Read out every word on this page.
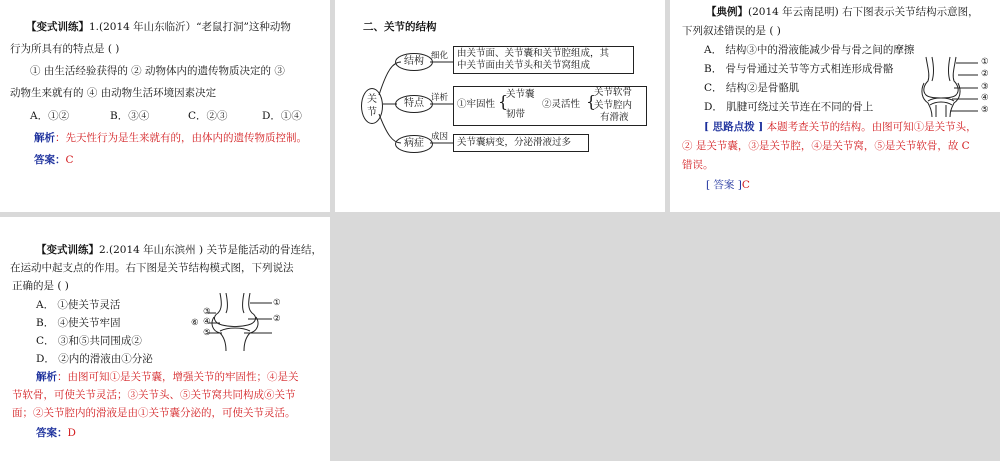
【变式训练】1.(2014 年山东临沂）“老鼠打洞”这种动物
行为所具有的特点是 ( )
① 由生活经验获得的 ② 动物体内的遗传物质决定的 ③
动物生来就有的 ④ 由动物生活环境因素决定
A．①②	B．③④	C．②③	D．①④
解析：先天性行为是生来就有的，由体内的遗传物质控制。
答案：C
二、关节的结构
关节
结构
特点
病症
细化
详析
成因
由关节面、关节囊和关节腔组成，其
中关节面由关节头和关节窝组成
①牢固性 {
关节囊
韧带
②灵活性 {
关节软骨
关节腔内
有滑液
关节囊病变，分泌滑液过多
【典例】(2014 年云南昆明) 右下图表示关节结构示意图，
下列叙述错误的是 ( )
A． 结构③中的滑液能减少骨与骨之间的摩擦
B． 骨与骨通过关节等方式相连形成骨骼
C． 结构②是骨骼肌
D． 肌腱可绕过关节连在不同的骨上
①
②
③
④
⑤
[ 思路点拨 ] 本题考查关节的结构。由图可知①是关节头，
② 是关节囊，③是关节腔，④是关节窝，⑤是关节软骨，故 C
错误。
[ 答案 ]C
【变式训练】2.(2014 年山东滨州 ) 关节是能活动的骨连结，
在运动中起支点的作用。右下图是关节结构模式图，下列说法
正确的是 ( )
A． ①使关节灵活
B． ④使关节牢固
C． ③和⑤共同围成②
D． ②内的滑液由①分泌
①
②
③
④
⑤
⑥
解析：由图可知①是关节囊，增强关节的牢固性；④是关
节软骨，可使关节灵活；③关节头、⑤关节窝共同构成⑥关节
面；②关节腔内的滑液是由①关节囊分泌的，可使关节灵活。
答案：D
